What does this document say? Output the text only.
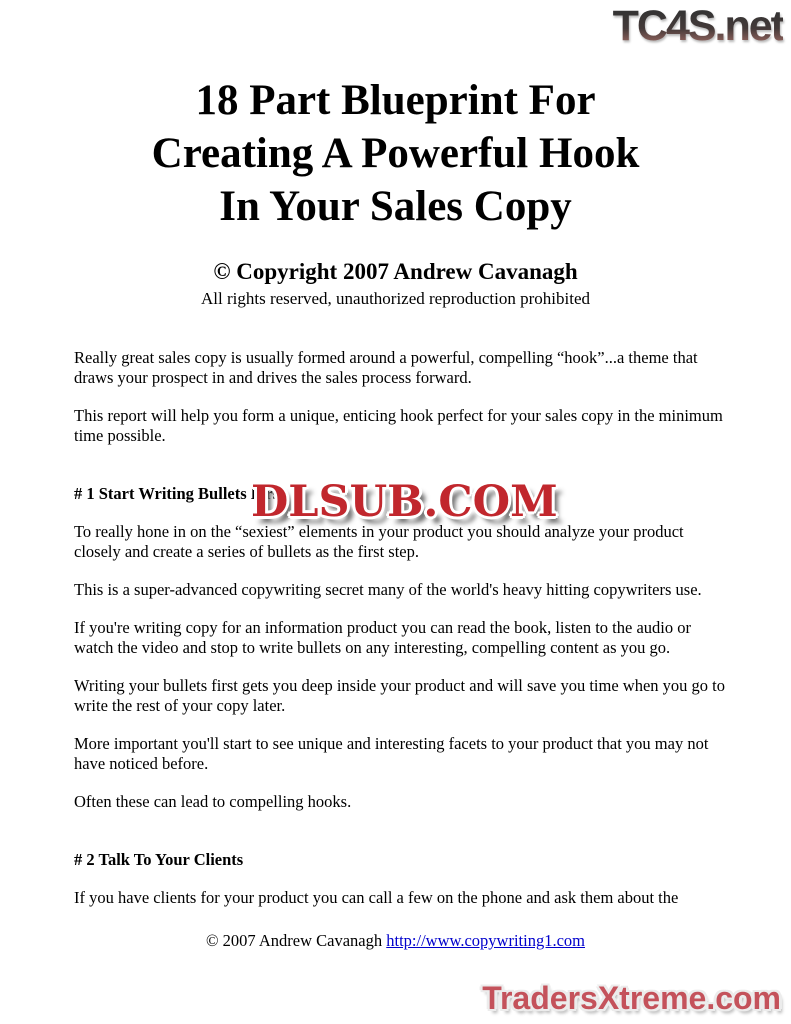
TC4S.net
18 Part Blueprint For
Creating A Powerful Hook
In Your Sales Copy
© Copyright 2007 Andrew Cavanagh
All rights reserved, unauthorized reproduction prohibited

Really great sales copy is usually formed around a powerful, compelling “hook”...a theme that draws your prospect in and drives the sales process forward.

This report will help you form a unique, enticing hook perfect for your sales copy in the minimum time possible.

# 1 Start Writing Bullets First

To really hone in on the “sexiest” elements in your product you should analyze your product closely and create a series of bullets as the first step.

This is a super-advanced copywriting secret many of the world's heavy hitting copywriters use.

If you're writing copy for an information product you can read the book, listen to the audio or watch the video and stop to write bullets on any interesting, compelling content as you go.

Writing your bullets first gets you deep inside your product and will save you time when you go to write the rest of your copy later.

More important you'll start to see unique and interesting facets to your product that you may not have noticed before.

Often these can lead to compelling hooks.

# 2 Talk To Your Clients

If you have clients for your product you can call a few on the phone and ask them about the

DLSUB.COM
© 2007 Andrew Cavanagh http://www.copywriting1.com
TradersXtreme.com
